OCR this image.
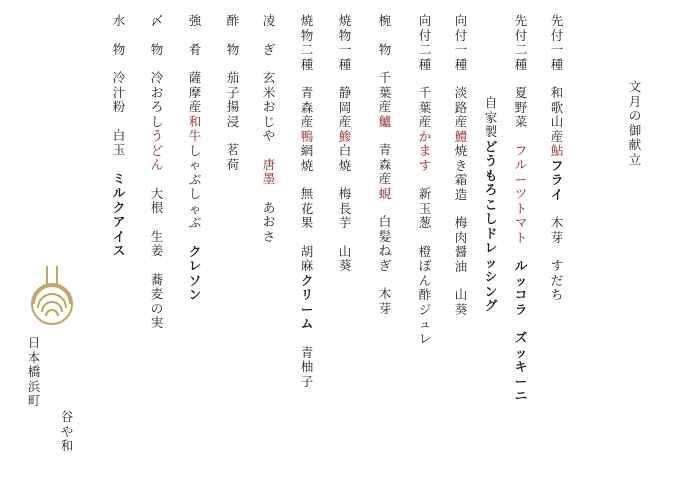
文
月
の
御
献
立
日
本
橋
浜
町
谷
や
和
先
付
一
種
和
歌
山
産
鮎
フ
ラ
イ
木
芽
す
だ
ち
先
付
二
種
夏
野
菜
フ
ル
ー
ツ
ト
マ
ト
ル
ッ
コ
ラ
ズ
ッ
キ
ー
ニ
自
家
製
ど
う
も
ろ
こ
し
ド
レ
ッ
シ
ン
グ
向
付
一
種
淡
路
産
鱧
焼
き
霜
造
梅
肉
醤
油
山
葵
向
付
二
種
千
葉
産
か
ま
す
新
玉
葱
橙
ぽ
ん
酢
ジ
ュ
レ
椀
物
千
葉
産
鱸
青
森
産
蜆
白
髪
ね
ぎ
木
芽
焼
物
一
種
静
岡
産
鯵
白
焼
梅
長
芋
山
葵
焼
物
二
種
青
森
産
鴨
網
焼
無
花
果
胡
麻
ク
リ
ー
ム
青
柚
子
凌
ぎ
玄
米
お
じ
や
唐
墨
あ
お
さ
酢
物
茄
子
揚
浸
茗
荷
強
肴
薩
摩
産
和
牛
し
ゃ
ぶ
し
ゃ
ぶ
ク
レ
ソ
ン
〆
物
冷
お
ろ
し
う
ど
ん
大
根
生
姜
蕎
麦
の
実
水
物
冷
汁
粉
白
玉
ミ
ル
ク
ア
イ
ス
